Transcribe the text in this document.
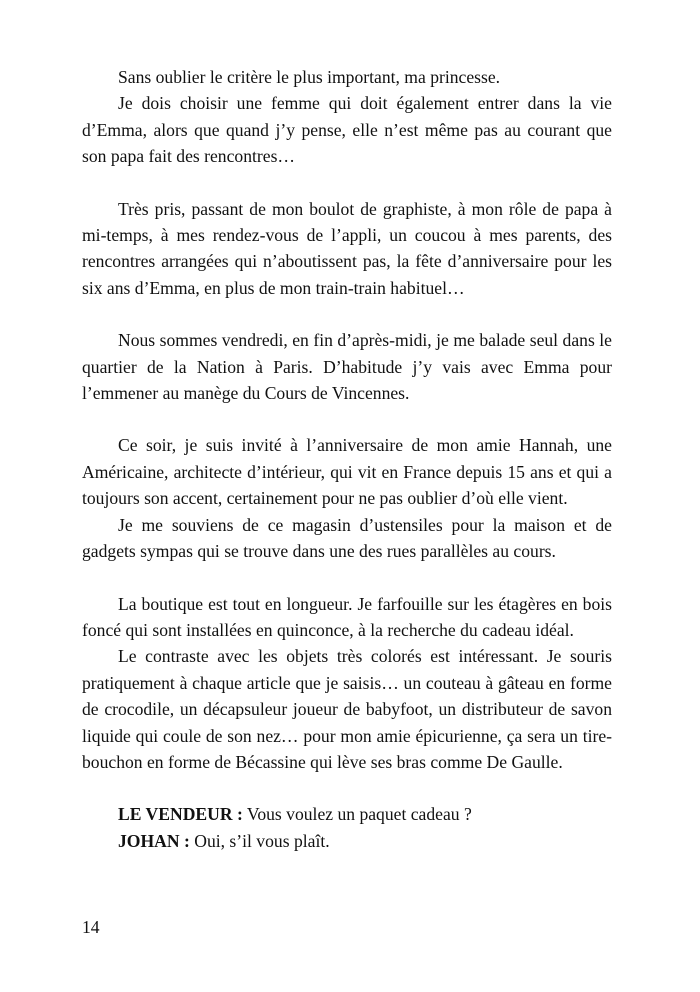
Sans oublier le critère le plus important, ma princesse.

Je dois choisir une femme qui doit également entrer dans la vie d’Emma, alors que quand j’y pense, elle n’est même pas au courant que son papa fait des rencontres…

Très pris, passant de mon boulot de graphiste, à mon rôle de papa à mi-temps, à mes rendez-vous de l’appli, un coucou à mes parents, des rencontres arrangées qui n’aboutissent pas, la fête d’anniversaire pour les six ans d’Emma, en plus de mon train-train habituel…

Nous sommes vendredi, en fin d’après-midi, je me balade seul dans le quartier de la Nation à Paris. D’habitude j’y vais avec Emma pour l’emmener au manège du Cours de Vincennes.

Ce soir, je suis invité à l’anniversaire de mon amie Hannah, une Américaine, architecte d’intérieur, qui vit en France depuis 15 ans et qui a toujours son accent, certainement pour ne pas oublier d’où elle vient.

Je me souviens de ce magasin d’ustensiles pour la maison et de gadgets sympas qui se trouve dans une des rues parallèles au cours.

La boutique est tout en longueur. Je farfouille sur les étagères en bois foncé qui sont installées en quinconce, à la recherche du cadeau idéal.

Le contraste avec les objets très colorés est intéressant. Je souris pratiquement à chaque article que je saisis… un couteau à gâteau en forme de crocodile, un décapsuleur joueur de babyfoot, un distributeur de savon liquide qui coule de son nez… pour mon amie épicurienne, ça sera un tire-bouchon en forme de Bécassine qui lève ses bras comme De Gaulle.

LE VENDEUR : Vous voulez un paquet cadeau ?

JOHAN : Oui, s’il vous plaît.

14
